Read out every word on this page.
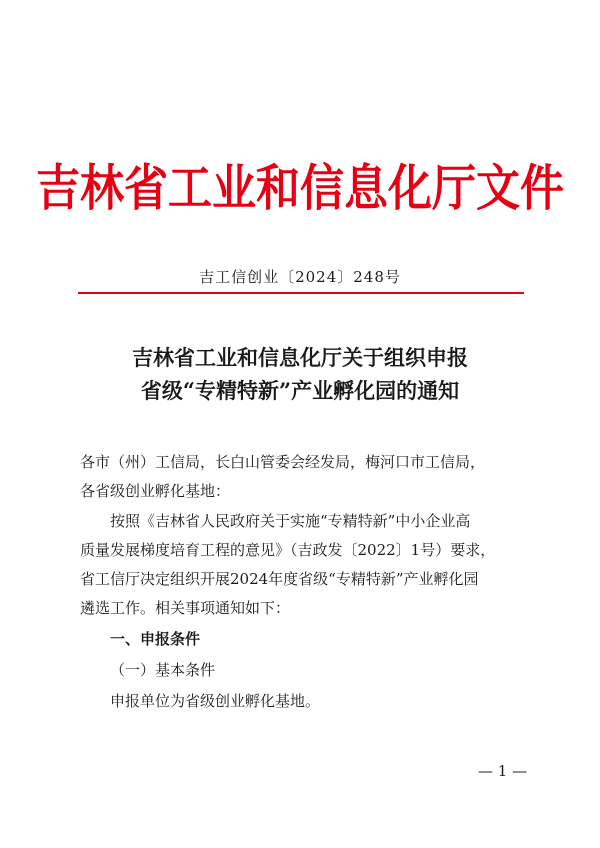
吉林省工业和信息化厅文件
吉工信创业〔2024〕248号
吉林省工业和信息化厅关于组织申报
省级“专精特新”产业孵化园的通知
各市（州）工信局，长白山管委会经发局，梅河口市工信局，
各省级创业孵化基地：
按照《吉林省人民政府关于实施“专精特新”中小企业高
质量发展梯度培育工程的意见》（吉政发〔2022〕1号）要求，
省工信厅决定组织开展2024年度省级“专精特新”产业孵化园
遴选工作。相关事项通知如下：
一、申报条件
（一）基本条件
申报单位为省级创业孵化基地。
— 1 —
